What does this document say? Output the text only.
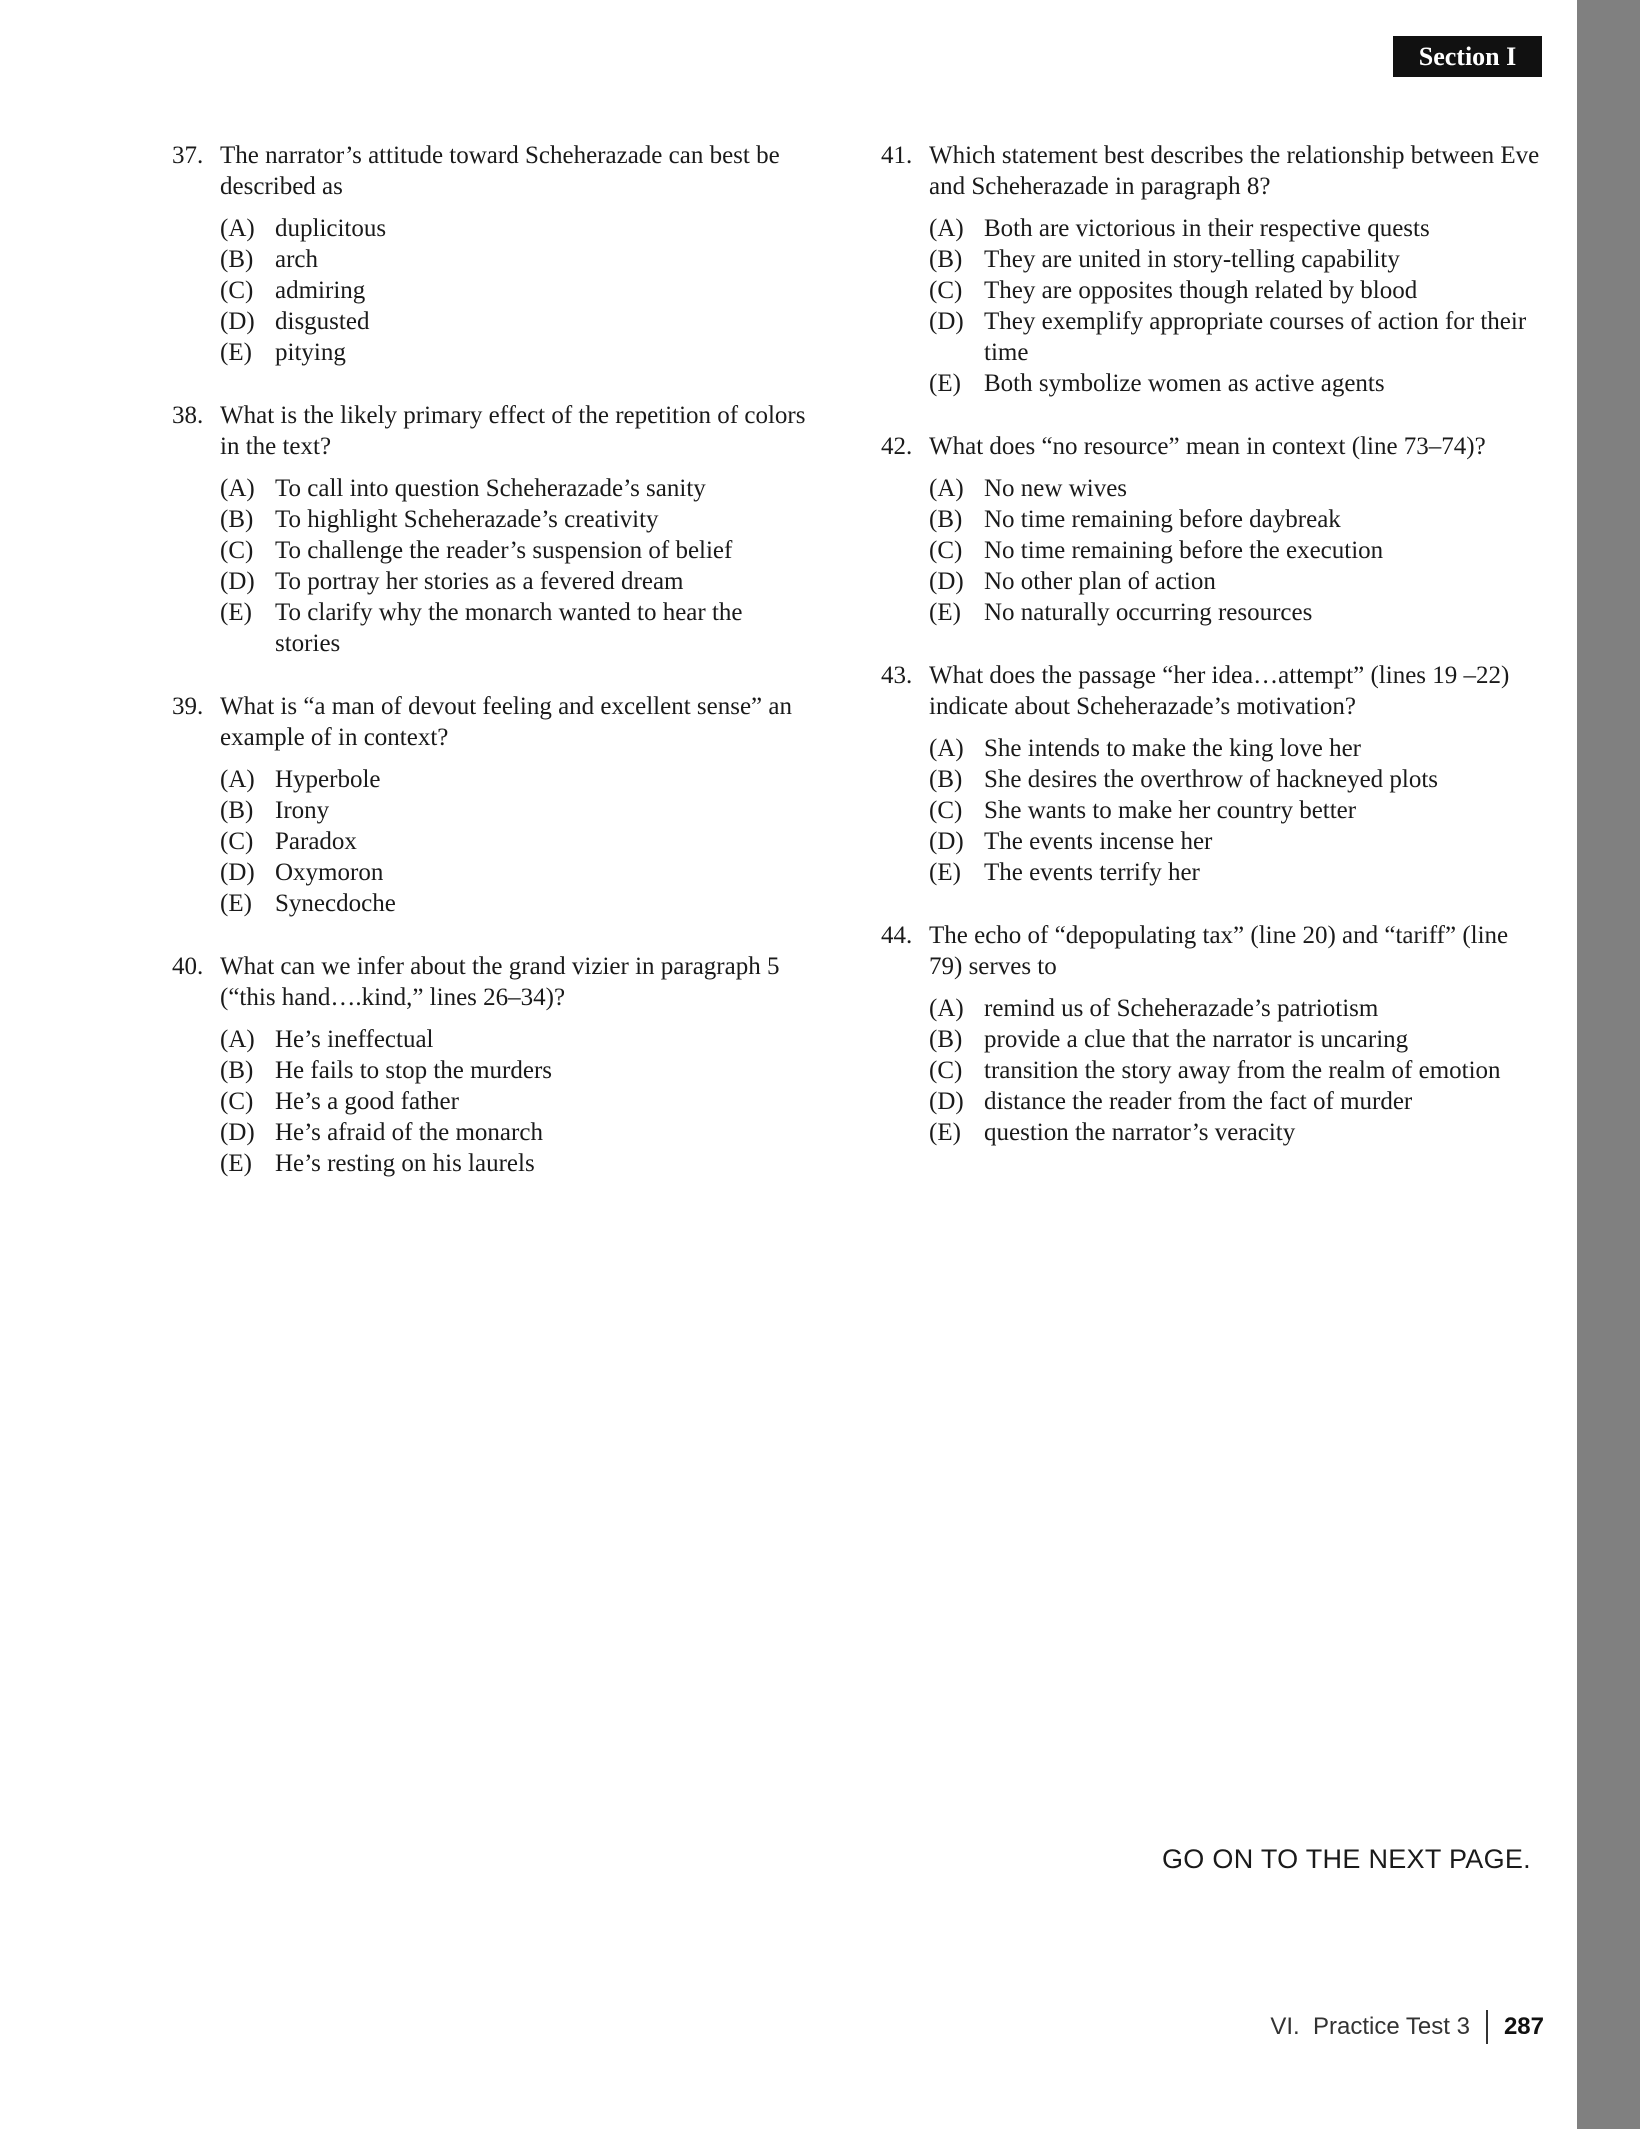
Section I
37. The narrator’s attitude toward Scheherazade can best be described as
(A) duplicitous
(B) arch
(C) admiring
(D) disgusted
(E) pitying
38. What is the likely primary effect of the repetition of colors in the text?
(A) To call into question Scheherazade’s sanity
(B) To highlight Scheherazade’s creativity
(C) To challenge the reader’s suspension of belief
(D) To portray her stories as a fevered dream
(E) To clarify why the monarch wanted to hear the stories
39. What is “a man of devout feeling and excellent sense” an example of in context?
(A) Hyperbole
(B) Irony
(C) Paradox
(D) Oxymoron
(E) Synecdoche
40. What can we infer about the grand vizier in paragraph 5 (“this hand….kind,” lines 26–34)?
(A) He’s ineffectual
(B) He fails to stop the murders
(C) He’s a good father
(D) He’s afraid of the monarch
(E) He’s resting on his laurels
41. Which statement best describes the relationship between Eve and Scheherazade in paragraph 8?
(A) Both are victorious in their respective quests
(B) They are united in story-telling capability
(C) They are opposites though related by blood
(D) They exemplify appropriate courses of action for their time
(E) Both symbolize women as active agents
42. What does “no resource” mean in context (line 73–74)?
(A) No new wives
(B) No time remaining before daybreak
(C) No time remaining before the execution
(D) No other plan of action
(E) No naturally occurring resources
43. What does the passage “her idea…attempt” (lines 19 –22) indicate about Scheherazade’s motivation?
(A) She intends to make the king love her
(B) She desires the overthrow of hackneyed plots
(C) She wants to make her country better
(D) The events incense her
(E) The events terrify her
44. The echo of “depopulating tax” (line 20) and “tariff” (line 79) serves to
(A) remind us of Scheherazade’s patriotism
(B) provide a clue that the narrator is uncaring
(C) transition the story away from the realm of emotion
(D) distance the reader from the fact of murder
(E) question the narrator’s veracity
GO ON TO THE NEXT PAGE.
VI.  Practice Test 3 287
